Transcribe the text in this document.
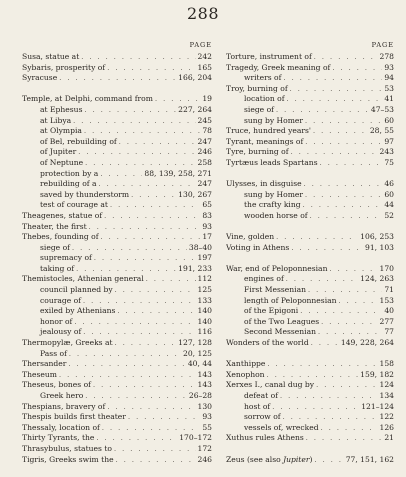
288
PAGE
Susa, statue at . . .	242
Sybaris, prosperity of . . .	165
Syracuse . . .	166, 204
Temple, at Delphi, command from . . .	19
at Ephesus . . .	227, 264
at Libya . . .	245
at Olympia . . .	78
of Bel, rebuilding of . . .	247
of Jupiter . . .	246
of Neptune . . .	258
protection by a . . .	88, 139, 258, 271
rebuilding of a . . .	247
saved by thunderstorm . . .	130, 267
test of courage at . . .	65
Theagenes, statue of . . .	83
Theater, the first . . .	93
Thebes, founding of . . .	17
siege of . . .	38–40
supremacy of . . .	197
taking of . . .	191, 233
Themistocles, Athenian general . . .	112
council planned by . . .	125
courage of . . .	133
exiled by Athenians . . .	140
honor of . . .	140
jealousy of . . .	116
Thermopylæ, Greeks at . . .	127, 128
Pass of . . .	20, 125
Thersander . . .	40, 44
Theseum . . .	143
Theseus, bones of . . .	143
Greek hero . . .	26–28
Thespians, bravery of . . .	130
Thespis builds first theater . . .	93
Thessaly, location of . . .	55
Thirty Tyrants, the . . .	170–172
Thrasybulus, statues to . . .	172
Tigris, Greeks swim the . . .	246
PAGE
Torture, instrument of . . .	278
Tragedy, Greek meaning of . . .	93
writers of . . .	94
Troy, burning of . . .	53
location of . . .	41
siege of . . .	47–53
sung by Homer . . .	60
Truce, hundred years' . . .	28, 55
Tyrant, meanings of . . .	97
Tyre, burning of . . .	243
Tyrtæus leads Spartans . . .	75
Ulysses, in disguise . . .	46
sung by Homer . . .	60
the crafty king . . .	44
wooden horse of . . .	52
Vine, golden . . .	106, 253
Voting in Athens . . .	91, 103
War, end of Peloponnesian . . .	170
engines of . . .	124, 263
First Messenian . . .	71
length of Peloponnesian . . .	153
of the Epigoni . . .	40
of the Two Leagues . . .	277
Second Messenian . . .	77
Wonders of the world . . .	149, 228, 264
Xanthippe . . .	158
Xenophon . . .	159, 182
Xerxes I., canal dug by . . .	124
defeat of . . .	134
host of . . .	121–124
sorrow of . . .	122
vessels of, wrecked . . .	126
Xuthus rules Athens . . .	21
Zeus (see also Jupiter) . . .	77, 151, 162
